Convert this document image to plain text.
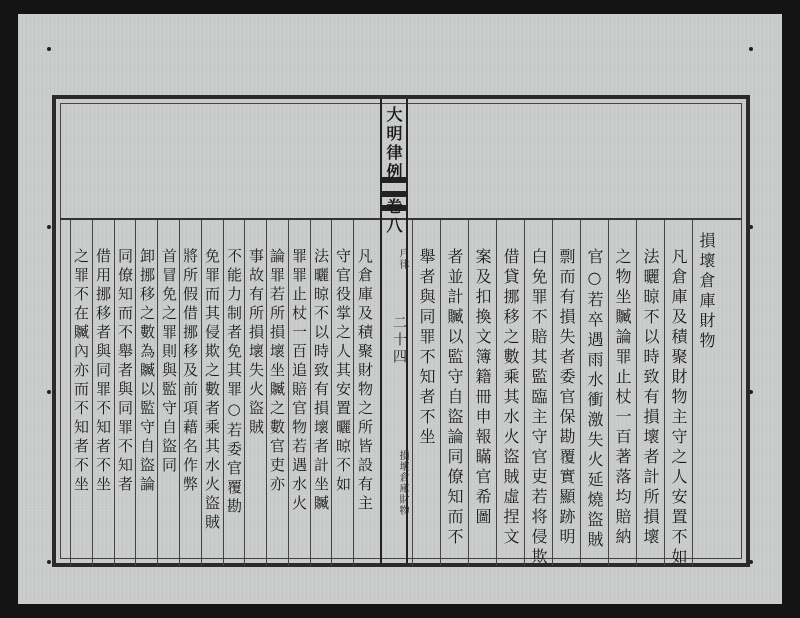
大明律例
卷八
戶律
二十四
損壞倉庫財物
損壞倉庫財物
凡倉庫及積聚財物主守之人安置不如
法曬晾不以時致有損壞者計所損壞
之物坐贓論罪止杖一百著落均賠納
官○若卒遇雨水衝激失火延燒盜賊
剽而有損失者委官保勘覆實顯跡明
白免罪不賠其監臨主守官吏若将侵欺
借貸挪移之數乘其水火盜賊虛捏文
案及扣換文簿籍冊申報瞞官希圖
者並計贓以監守自盜論同僚知而不
舉者與同罪不知者不坐
凡倉庫及積聚財物之所皆設有主
守官役掌之人其安置曬晾不如
法曬晾不以時致有損壞者計坐贓
罪罪止杖一百追賠官物若遇水火
論罪若所損壞坐贓之數官吏亦
事故有所損壞失火盜賊
不能力制者免其罪○若委官覆勘
免罪而其侵欺之數者乘其水火盜賊
將所假借挪移及前項藉名作弊
首冒免之罪則與監守自盜同
卸挪移之數為贓以監守自盜論
同僚知而不舉者與同罪不知者
借用挪移者與同罪不知者不坐
之罪不在贓內亦而不知者不坐
